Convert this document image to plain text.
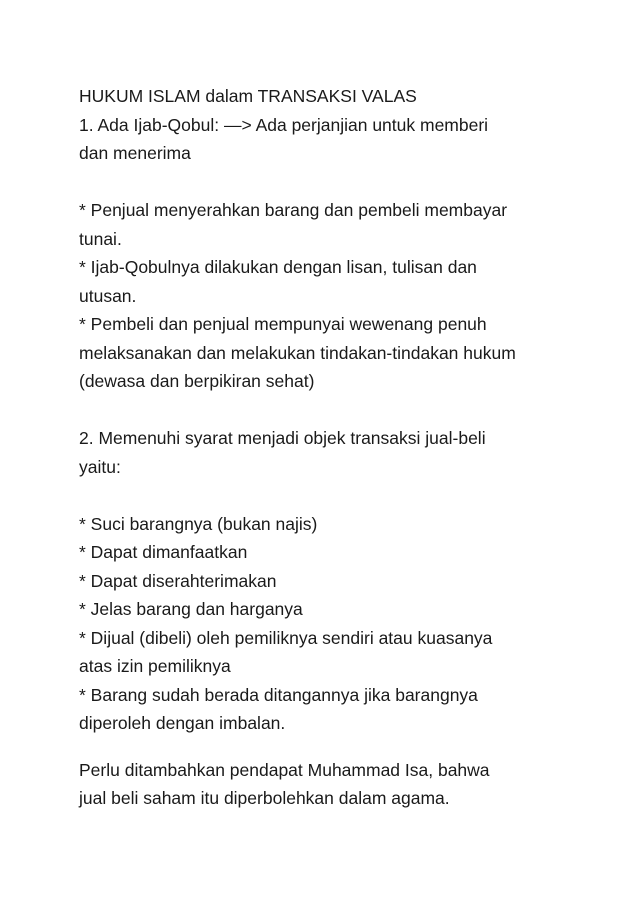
HUKUM ISLAM dalam TRANSAKSI VALAS
1. Ada Ijab-Qobul: —> Ada perjanjian untuk memberi
dan menerima
* Penjual menyerahkan barang dan pembeli membayar
tunai.
* Ijab-Qobulnya dilakukan dengan lisan, tulisan dan
utusan.
* Pembeli dan penjual mempunyai wewenang penuh
melaksanakan dan melakukan tindakan-tindakan hukum
(dewasa dan berpikiran sehat)
2. Memenuhi syarat menjadi objek transaksi jual-beli
yaitu:
* Suci barangnya (bukan najis)
* Dapat dimanfaatkan
* Dapat diserahterimakan
* Jelas barang dan harganya
* Dijual (dibeli) oleh pemiliknya sendiri atau kuasanya
atas izin pemiliknya
* Barang sudah berada ditangannya jika barangnya
diperoleh dengan imbalan.
Perlu ditambahkan pendapat Muhammad Isa, bahwa
jual beli saham itu diperbolehkan dalam agama.
